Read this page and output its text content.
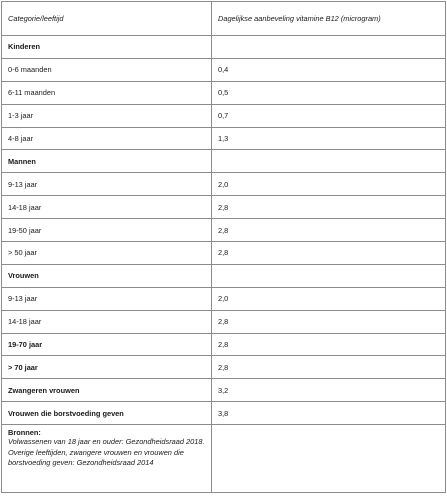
Categorie/leeftijd	Dagelijkse aanbeveling vitamine B12 (microgram)
Kinderen	
0-6 maanden	0,4
6-11 maanden	0,5
1-3 jaar	0,7
4-8 jaar	1,3
Mannen	
9-13 jaar	2,0
14-18 jaar	2,8
19-50 jaar	2,8
> 50 jaar	2,8
Vrouwen	
9-13 jaar	2,0
14-18 jaar	2,8
19-70 jaar	2,8
> 70 jaar	2,8
Zwangeren vrouwen	3,2
Vrouwen die borstvoeding geven	3,8

Bronnen:
Volwassenen van 18 jaar en ouder: Gezondheidsraad 2018.
Overige leeftijden, zwangere vrouwen en vrouwen die borstvoeding geven: Gezondheidsraad 2014	
